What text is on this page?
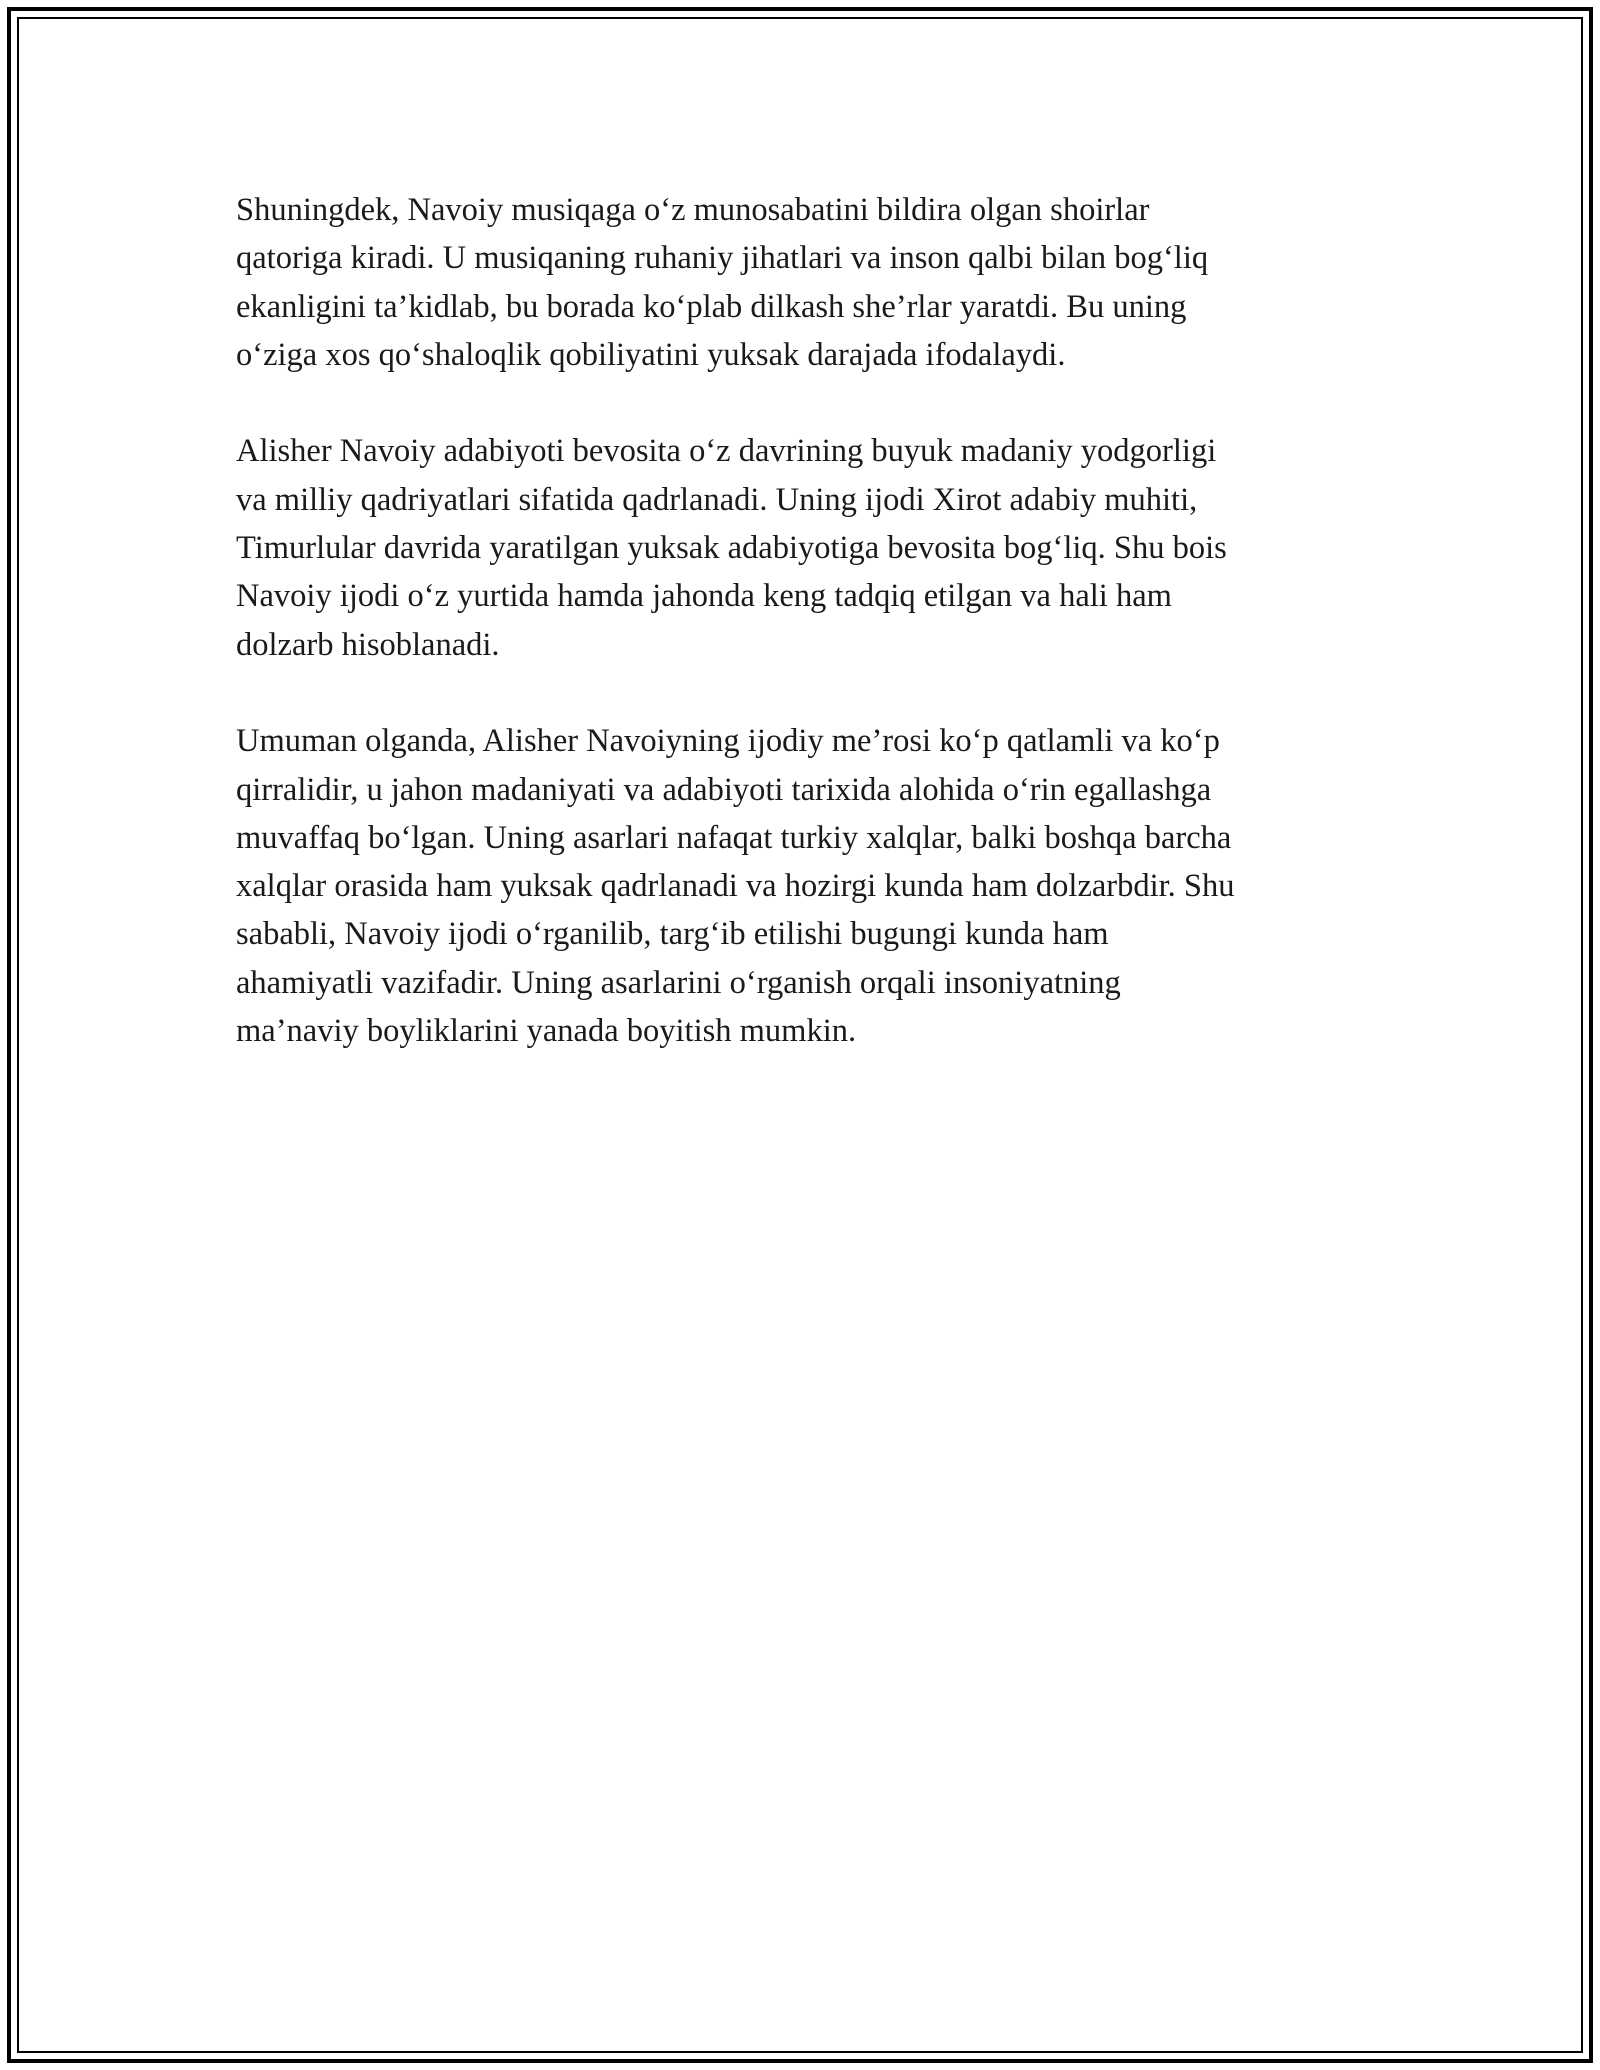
Shuningdek, Navoiy musiqaga o‘z munosabatini bildira olgan shoirlar
qatoriga kiradi. U musiqaning ruhaniy jihatlari va inson qalbi bilan bog‘liq
ekanligini ta’kidlab, bu borada ko‘plab dilkash she’rlar yaratdi. Bu uning
o‘ziga xos qo‘shaloqlik qobiliyatini yuksak darajada ifodalaydi.

Alisher Navoiy adabiyoti bevosita o‘z davrining buyuk madaniy yodgorligi
va milliy qadriyatlari sifatida qadrlanadi. Uning ijodi Xirot adabiy muhiti,
Timurlular davrida yaratilgan yuksak adabiyotiga bevosita bog‘liq. Shu bois
Navoiy ijodi o‘z yurtida hamda jahonda keng tadqiq etilgan va hali ham
dolzarb hisoblanadi.

Umuman olganda, Alisher Navoiyning ijodiy me’rosi ko‘p qatlamli va ko‘p
qirralidir, u jahon madaniyati va adabiyoti tarixida alohida o‘rin egallashga
muvaffaq bo‘lgan. Uning asarlari nafaqat turkiy xalqlar, balki boshqa barcha
xalqlar orasida ham yuksak qadrlanadi va hozirgi kunda ham dolzarbdir. Shu
sababli, Navoiy ijodi o‘rganilib, targ‘ib etilishi bugungi kunda ham
ahamiyatli vazifadir. Uning asarlarini o‘rganish orqali insoniyatning
ma’naviy boyliklarini yanada boyitish mumkin.
